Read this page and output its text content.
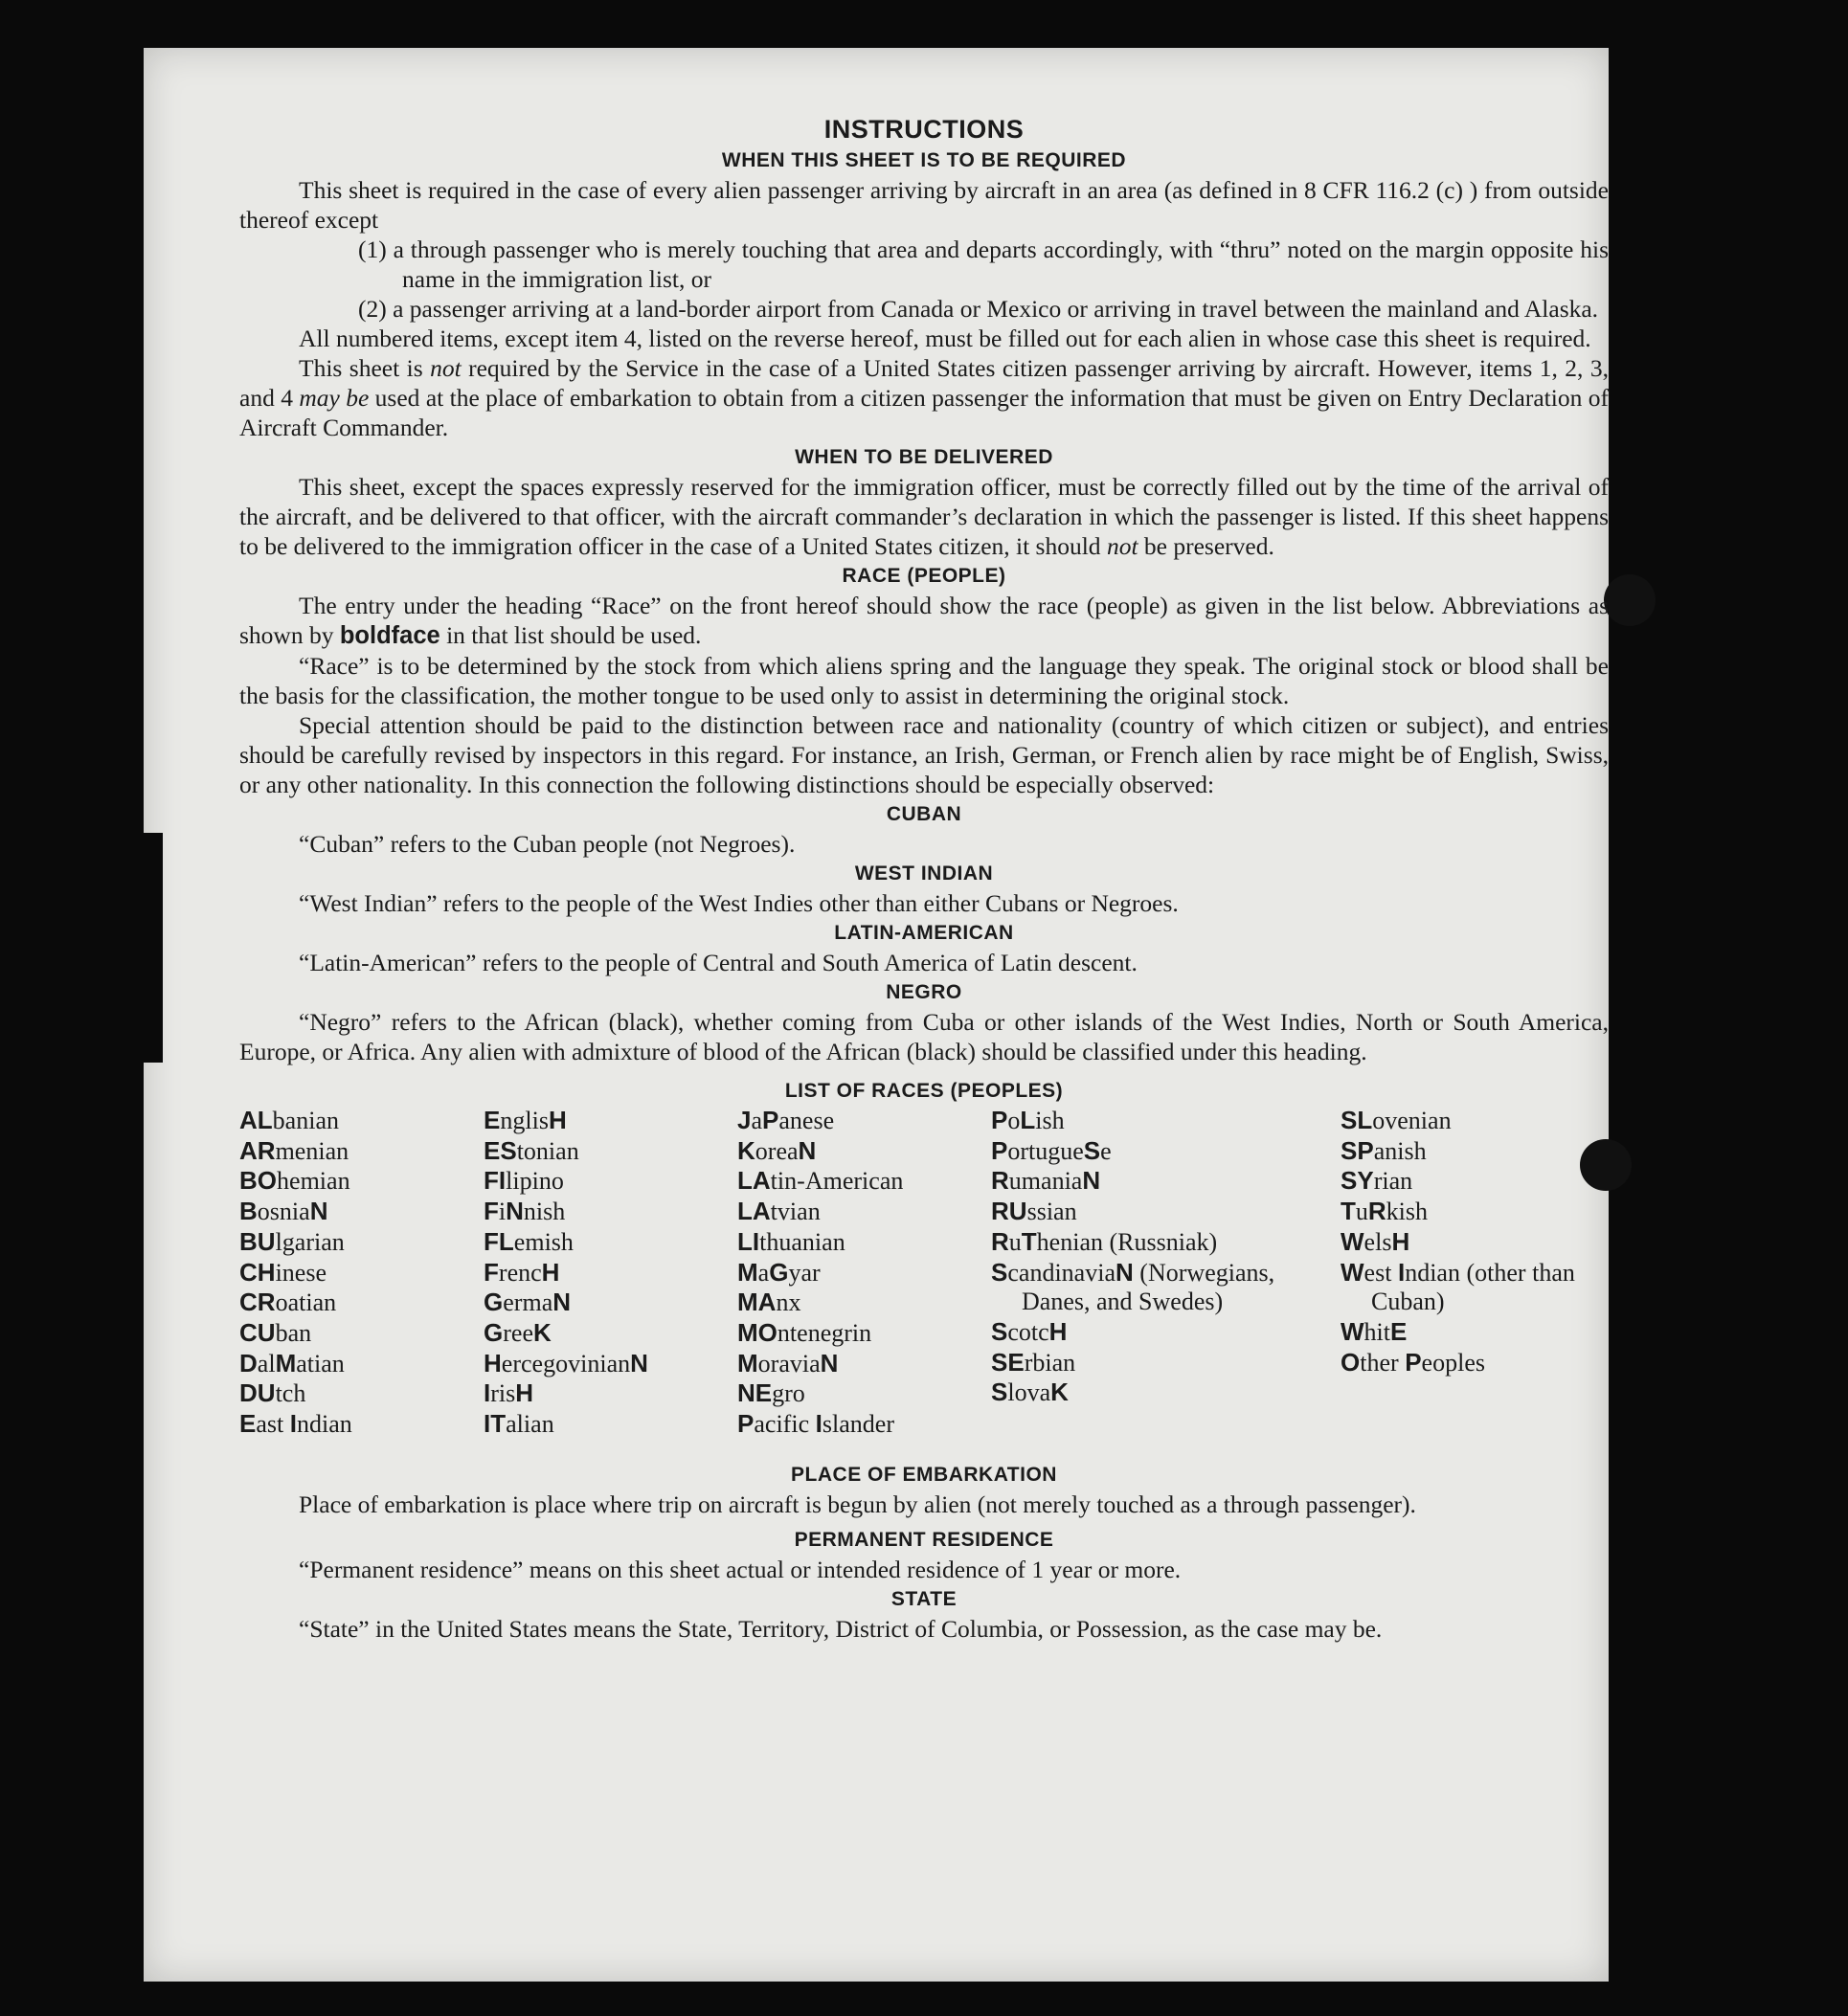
INSTRUCTIONS
WHEN THIS SHEET IS TO BE REQUIRED

This sheet is required in the case of every alien passenger arriving by aircraft in an area (as defined in 8 CFR 116.2 (c) ) from outside thereof except

(1) a through passenger who is merely touching that area and departs accordingly, with “thru” noted on the margin opposite his name in the immigration list, or

(2) a passenger arriving at a land-border airport from Canada or Mexico or arriving in travel between the mainland and Alaska.

All numbered items, except item 4, listed on the reverse hereof, must be filled out for each alien in whose case this sheet is required.

This sheet is not required by the Service in the case of a United States citizen passenger arriving by aircraft. However, items 1, 2, 3, and 4 may be used at the place of embarkation to obtain from a citizen passenger the information that must be given on Entry Declaration of Aircraft Commander.

WHEN TO BE DELIVERED

This sheet, except the spaces expressly reserved for the immigration officer, must be correctly filled out by the time of the arrival of the aircraft, and be delivered to that officer, with the aircraft commander’s declaration in which the passenger is listed. If this sheet happens to be delivered to the immigration officer in the case of a United States citizen, it should not be preserved.

RACE (PEOPLE)

The entry under the heading “Race” on the front hereof should show the race (people) as given in the list below. Abbreviations as shown by boldface in that list should be used.

“Race” is to be determined by the stock from which aliens spring and the language they speak. The original stock or blood shall be the basis for the classification, the mother tongue to be used only to assist in determining the original stock.

Special attention should be paid to the distinction between race and nationality (country of which citizen or subject), and entries should be carefully revised by inspectors in this regard. For instance, an Irish, German, or French alien by race might be of English, Swiss, or any other nationality. In this connection the following distinctions should be especially observed:

CUBAN

“Cuban” refers to the Cuban people (not Negroes).

WEST INDIAN

“West Indian” refers to the people of the West Indies other than either Cubans or Negroes.

LATIN-AMERICAN

“Latin-American” refers to the people of Central and South America of Latin descent.

NEGRO

“Negro” refers to the African (black), whether coming from Cuba or other islands of the West Indies, North or South America, Europe, or Africa. Any alien with admixture of blood of the African (black) should be classified under this heading.

LIST OF RACES (PEOPLES)
ALbanian
ARmenian
BOhemian
BosniaN
BUlgarian
CHinese
CRoatian
CUban
DalMatian
DUtch
East Indian
EnglisH
EStonian
FIlipino
FiNnish
FLemish
FrencH
GermaN
GreeK
HercegovinianN
IrisH
ITalian
JaPanese
KoreaN
LAtin-American
LAtvian
LIthuanian
MaGyar
MAnx
MOntenegrin
MoraviaN
NEgro
Pacific Islander
PoLish
PortugueSe
RumaniaN
RUssian
RuThenian (Russniak)
ScandinaviaN (Norwegians, Danes, and Swedes)
ScotcH
SErbian
SlovaK
SLovenian
SPanish
SYrian
TuRkish
WelsH
West Indian (other than Cuban)
WhitE
Other Peoples
PLACE OF EMBARKATION

Place of embarkation is place where trip on aircraft is begun by alien (not merely touched as a through passenger).

PERMANENT RESIDENCE

“Permanent residence” means on this sheet actual or intended residence of 1 year or more.

STATE

“State” in the United States means the State, Territory, District of Columbia, or Possession, as the case may be.
